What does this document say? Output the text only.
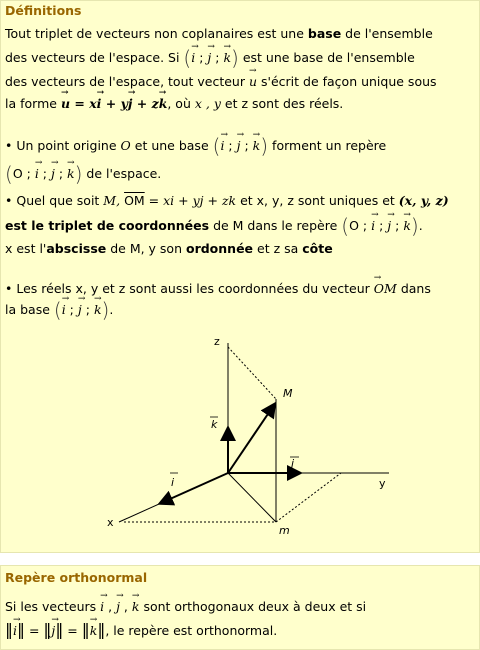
Définitions
Tout triplet de vecteurs non coplanaires est une base de l'ensemble
des vecteurs de l'espace. Si (→ i ; → j ; → k) est une base de l'ensemble
des vecteurs de l'espace, tout vecteur → u s'écrit de façon unique sous
la forme → u = x→ i + y→ j + z→ k, où x , y et z sont des réels.
• Un point origine O et une base (→ i ; → j ; → k) forment un repère
(O ; → i ; → j ; → k) de l'espace.
• Quel que soit M, $\overline{OM}$ = xi + yj + zk et x, y, z sont uniques et (x, y, z)
est le triplet de coordonnées de M dans le repère (O ; → i ; → j ; → k).
x est l'abscisse de M, y son ordonnée et z sa côte
• Les réels x, y et z sont aussi les coordonnées du vecteur → OM dans
la base (→ i ; → j ; → k).
z
y
x
M
m
i
j
k
Repère orthonormal
Si les vecteurs → i , → j , → k sont orthogonaux deux à deux et si
‖→ i‖ = ‖→ j‖ = ‖→ k‖, le repère est orthonormal.
